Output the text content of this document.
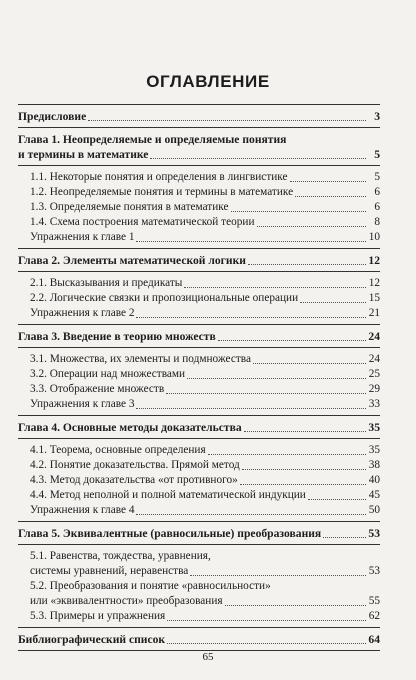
ОГЛАВЛЕНИЕ
Предисловие	3
Глава 1. Неопределяемые и определяемые понятия
и термины в математике	5
1.1. Некоторые понятия и определения в лингвистике	5
1.2. Неопределяемые понятия и термины в математике	6
1.3. Определяемые понятия в математике	6
1.4. Схема построения математической теории	8
Упражнения к главе 1	10
Глава 2. Элементы математической логики	12
2.1. Высказывания и предикаты	12
2.2. Логические связки и пропозициональные операции	15
Упражнения к главе 2	21
Глава 3. Введение в теорию множеств	24
3.1. Множества, их элементы и подмножества	24
3.2. Операции над множествами	25
3.3. Отображение множеств	29
Упражнения к главе 3	33
Глава 4. Основные методы доказательства	35
4.1. Теорема, основные определения	35
4.2. Понятие доказательства. Прямой метод	38
4.3. Метод доказательства «от противного»	40
4.4. Метод неполной и полной математической индукции	45
Упражнения к главе 4	50
Глава 5. Эквивалентные (равносильные) преобразования	53
5.1. Равенства, тождества, уравнения,
системы уравнений, неравенства	53
5.2. Преобразования и понятие «равносильности»
или «эквивалентности» преобразования	55
5.3. Примеры и упражнения	62
Библиографический список	64
65
